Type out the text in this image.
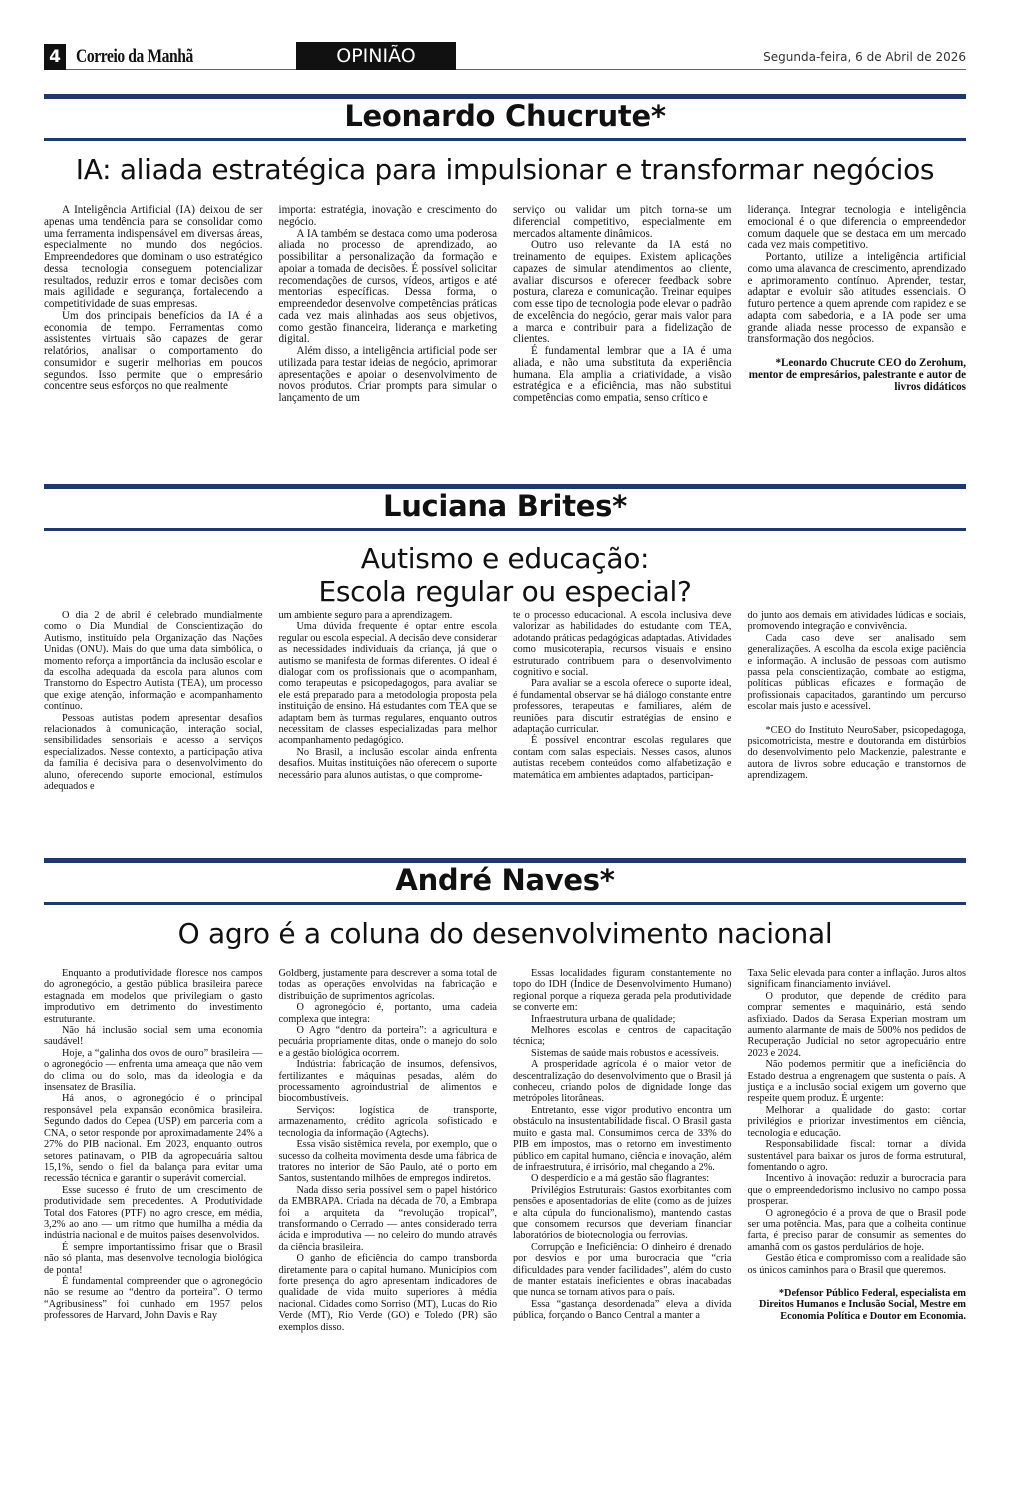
4 Correio da Manhã	OPINIÃO	Segunda-feira, 6 de Abril de 2026
Leonardo Chucrute*
IA: aliada estratégica para impulsionar e transformar negócios

A Inteligência Artificial (IA) deixou de ser apenas uma tendência para se consolidar como uma ferramenta indispensável em diversas áreas, especialmente no mundo dos negócios. Empreendedores que dominam o uso estratégico dessa tecnologia conseguem potencializar resultados, reduzir erros e tomar decisões com mais agilidade e segurança, fortalecendo a competitividade de suas empresas.

Um dos principais benefícios da IA é a economia de tempo. Ferramentas como assistentes virtuais são capazes de gerar relatórios, analisar o comportamento do consumidor e sugerir melhorias em poucos segundos. Isso permite que o empresário concentre seus esforços no que realmente

importa: estratégia, inovação e crescimento do negócio.

A IA também se destaca como uma poderosa aliada no processo de aprendizado, ao possibilitar a personalização da formação e apoiar a tomada de decisões. É possível solicitar recomendações de cursos, vídeos, artigos e até mentorias específicas. Dessa forma, o empreendedor desenvolve competências práticas cada vez mais alinhadas aos seus objetivos, como gestão financeira, liderança e marketing digital.

Além disso, a inteligência artificial pode ser utilizada para testar ideias de negócio, aprimorar apresentações e apoiar o desenvolvimento de novos produtos. Criar prompts para simular o lançamento de um

serviço ou validar um pitch torna-se um diferencial competitivo, especialmente em mercados altamente dinâmicos.

Outro uso relevante da IA está no treinamento de equipes. Existem aplicações capazes de simular atendimentos ao cliente, avaliar discursos e oferecer feedback sobre postura, clareza e comunicação. Treinar equipes com esse tipo de tecnologia pode elevar o padrão de excelência do negócio, gerar mais valor para a marca e contribuir para a fidelização de clientes.

É fundamental lembrar que a IA é uma aliada, e não uma substituta da experiência humana. Ela amplia a criatividade, a visão estratégica e a eficiência, mas não substitui competências como empatia, senso crítico e

liderança. Integrar tecnologia e inteligência emocional é o que diferencia o empreendedor comum daquele que se destaca em um mercado cada vez mais competitivo.

Portanto, utilize a inteligência artificial como uma alavanca de crescimento, aprendizado e aprimoramento contínuo. Aprender, testar, adaptar e evoluir são atitudes essenciais. O futuro pertence a quem aprende com rapidez e se adapta com sabedoria, e a IA pode ser uma grande aliada nesse processo de expansão e transformação dos negócios.

*Leonardo Chucrute CEO do Zerohum, mentor de empresários, palestrante e autor de livros didáticos

Luciana Brites*
Autismo e educação:
Escola regular ou especial?

O dia 2 de abril é celebrado mundialmente como o Dia Mundial de Conscientização do Autismo, instituído pela Organização das Nações Unidas (ONU). Mais do que uma data simbólica, o momento reforça a importância da inclusão escolar e da escolha adequada da escola para alunos com Transtorno do Espectro Autista (TEA), um processo que exige atenção, informação e acompanhamento contínuo.

Pessoas autistas podem apresentar desafios relacionados à comunicação, interação social, sensibilidades sensoriais e acesso a serviços especializados. Nesse contexto, a participação ativa da família é decisiva para o desenvolvimento do aluno, oferecendo suporte emocional, estímulos adequados e

um ambiente seguro para a aprendizagem.

Uma dúvida frequente é optar entre escola regular ou escola especial. A decisão deve considerar as necessidades individuais da criança, já que o autismo se manifesta de formas diferentes. O ideal é dialogar com os profissionais que o acompanham, como terapeutas e psicopedagogos, para avaliar se ele está preparado para a metodologia proposta pela instituição de ensino. Há estudantes com TEA que se adaptam bem às turmas regulares, enquanto outros necessitam de classes especializadas para melhor acompanhamento pedagógico.

No Brasil, a inclusão escolar ainda enfrenta desafios. Muitas instituições não oferecem o suporte necessário para alunos autistas, o que comprome-

te o processo educacional. A escola inclusiva deve valorizar as habilidades do estudante com TEA, adotando práticas pedagógicas adaptadas. Atividades como musicoterapia, recursos visuais e ensino estruturado contribuem para o desenvolvimento cognitivo e social.

Para avaliar se a escola oferece o suporte ideal, é fundamental observar se há diálogo constante entre professores, terapeutas e familiares, além de reuniões para discutir estratégias de ensino e adaptação curricular.

É possível encontrar escolas regulares que contam com salas especiais. Nesses casos, alunos autistas recebem conteúdos como alfabetização e matemática em ambientes adaptados, participan-

do junto aos demais em atividades lúdicas e sociais, promovendo integração e convivência.

Cada caso deve ser analisado sem generalizações. A escolha da escola exige paciência e informação. A inclusão de pessoas com autismo passa pela conscientização, combate ao estigma, políticas públicas eficazes e formação de profissionais capacitados, garantindo um percurso escolar mais justo e acessível.

*CEO do Instituto NeuroSaber, psicopedagoga, psicomotricista, mestre e doutoranda em distúrbios do desenvolvimento pelo Mackenzie, palestrante e autora de livros sobre educação e transtornos de aprendizagem.

André Naves*
O agro é a coluna do desenvolvimento nacional

Enquanto a produtividade floresce nos campos do agronegócio, a gestão pública brasileira parece estagnada em modelos que privilegiam o gasto improdutivo em detrimento do investimento estruturante.

Não há inclusão social sem uma economia saudável!

Hoje, a “galinha dos ovos de ouro” brasileira — o agronegócio — enfrenta uma ameaça que não vem do clima ou do solo, mas da ideologia e da insensatez de Brasília.

Há anos, o agronegócio é o principal responsável pela expansão econômica brasileira. Segundo dados do Cepea (USP) em parceria com a CNA, o setor responde por aproximadamente 24% a 27% do PIB nacional. Em 2023, enquanto outros setores patinavam, o PIB da agropecuária saltou 15,1%, sendo o fiel da balança para evitar uma recessão técnica e garantir o superávit comercial.

Esse sucesso é fruto de um crescimento de produtividade sem precedentes. A Produtividade Total dos Fatores (PTF) no agro cresce, em média, 3,2% ao ano — um ritmo que humilha a média da indústria nacional e de muitos países desenvolvidos.

É sempre importantíssimo frisar que o Brasil não só planta, mas desenvolve tecnologia biológica de ponta!

É fundamental compreender que o agronegócio não se resume ao “dentro da porteira”. O termo “Agribusiness” foi cunhado em 1957 pelos professores de Harvard, John Davis e Ray

Goldberg, justamente para descrever a soma total de todas as operações envolvidas na fabricação e distribuição de suprimentos agrícolas.

O agronegócio é, portanto, uma cadeia complexa que integra:

O Agro “dentro da porteira”: a agricultura e pecuária propriamente ditas, onde o manejo do solo e a gestão biológica ocorrem.

Indústria: fabricação de insumos, defensivos, fertilizantes e máquinas pesadas, além do processamento agroindustrial de alimentos e biocombustíveis.

Serviços: logística de transporte, armazenamento, crédito agrícola sofisticado e tecnologia da informação (Agtechs).

Essa visão sistêmica revela, por exemplo, que o sucesso da colheita movimenta desde uma fábrica de tratores no interior de São Paulo, até o porto em Santos, sustentando milhões de empregos indiretos.

Nada disso seria possível sem o papel histórico da EMBRAPA. Criada na década de 70, a Embrapa foi a arquiteta da “revolução tropical”, transformando o Cerrado — antes considerado terra ácida e improdutiva — no celeiro do mundo através da ciência brasileira.

O ganho de eficiência do campo transborda diretamente para o capital humano. Municípios com forte presença do agro apresentam indicadores de qualidade de vida muito superiores à média nacional. Cidades como Sorriso (MT), Lucas do Rio Verde (MT), Rio Verde (GO) e Toledo (PR) são exemplos disso.

Essas localidades figuram constantemente no topo do IDH (Índice de Desenvolvimento Humano) regional porque a riqueza gerada pela produtividade se converte em:

Infraestrutura urbana de qualidade;

Melhores escolas e centros de capacitação técnica;

Sistemas de saúde mais robustos e acessíveis.

A prosperidade agrícola é o maior vetor de descentralização do desenvolvimento que o Brasil já conheceu, criando polos de dignidade longe das metrópoles litorâneas.

Entretanto, esse vigor produtivo encontra um obstáculo na insustentabilidade fiscal. O Brasil gasta muito e gasta mal. Consumimos cerca de 33% do PIB em impostos, mas o retorno em investimento público em capital humano, ciência e inovação, além de infraestrutura, é irrisório, mal chegando a 2%.

O desperdício e a má gestão são flagrantes:

Privilégios Estruturais: Gastos exorbitantes com pensões e aposentadorias de elite (como as de juízes e alta cúpula do funcionalismo), mantendo castas que consomem recursos que deveriam financiar laboratórios de biotecnologia ou ferrovias.

Corrupção e Ineficiência: O dinheiro é drenado por desvios e por uma burocracia que “cria dificuldades para vender facilidades”, além do custo de manter estatais ineficientes e obras inacabadas que nunca se tornam ativos para o país.

Essa “gastança desordenada” eleva a dívida pública, forçando o Banco Central a manter a

Taxa Selic elevada para conter a inflação. Juros altos significam financiamento inviável.

O produtor, que depende de crédito para comprar sementes e maquinário, está sendo asfixiado. Dados da Serasa Experian mostram um aumento alarmante de mais de 500% nos pedidos de Recuperação Judicial no setor agropecuário entre 2023 e 2024.

Não podemos permitir que a ineficiência do Estado destrua a engrenagem que sustenta o país. A justiça e a inclusão social exigem um governo que respeite quem produz. É urgente:

Melhorar a qualidade do gasto: cortar privilégios e priorizar investimentos em ciência, tecnologia e educação.

Responsabilidade fiscal: tornar a dívida sustentável para baixar os juros de forma estrutural, fomentando o agro.

Incentivo à inovação: reduzir a burocracia para que o empreendedorismo inclusivo no campo possa prosperar.

O agronegócio é a prova de que o Brasil pode ser uma potência. Mas, para que a colheita continue farta, é preciso parar de consumir as sementes do amanhã com os gastos perdulários de hoje.

Gestão ética e compromisso com a realidade são os únicos caminhos para o Brasil que queremos.

*Defensor Público Federal, especialista em Direitos Humanos e Inclusão Social, Mestre em Economia Política e Doutor em Economia.
